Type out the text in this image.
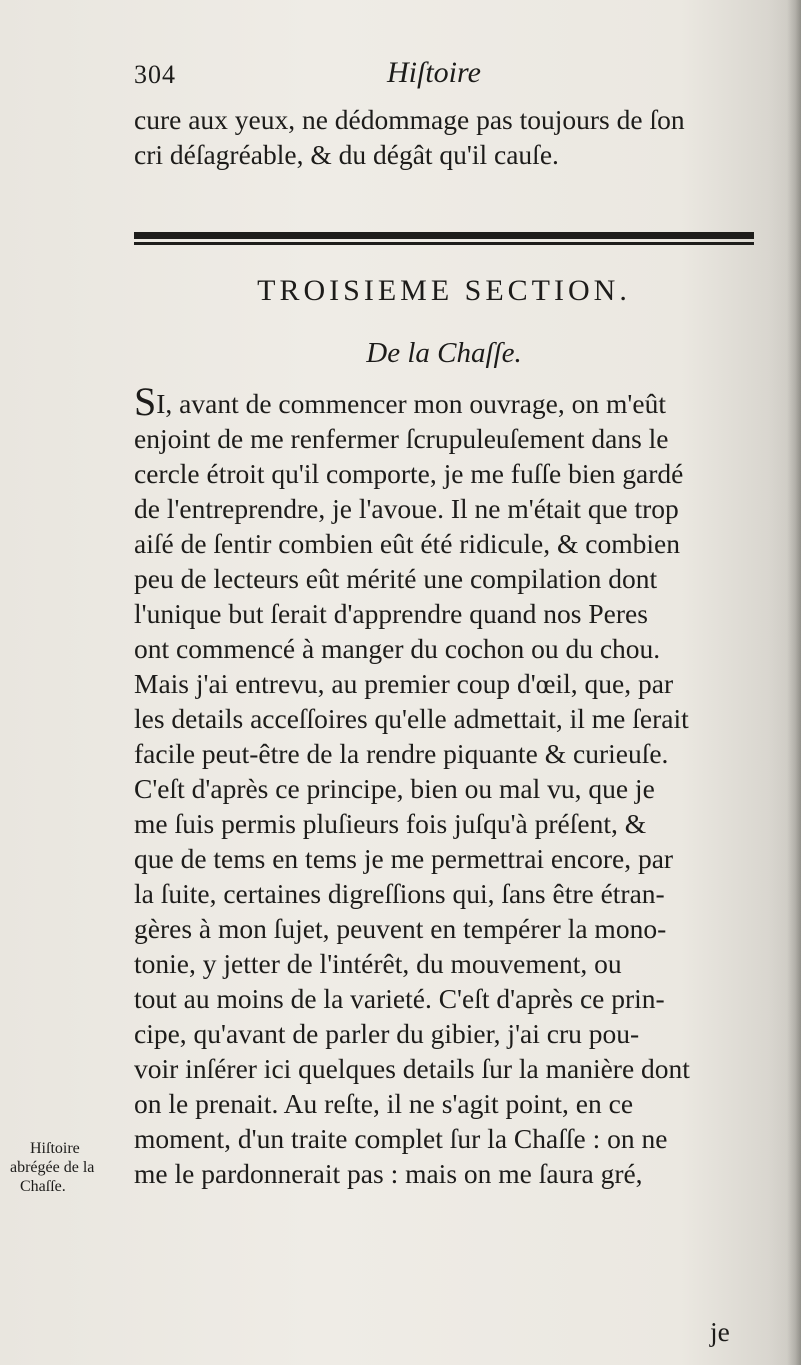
304	Hiſtoire
cure aux yeux, ne dédommage pas toujours de ſon
cri déſagréable, & du dégât qu'il cauſe.
TROISIEME SECTION.
De la Chaſſe.
SI, avant de commencer mon ouvrage, on m'eût
enjoint de me renfermer ſcrupuleuſement dans le
cercle étroit qu'il comporte, je me fuſſe bien gardé
de l'entreprendre, je l'avoue. Il ne m'était que trop
aiſé de ſentir combien eût été ridicule, & combien
peu de lecteurs eût mérité une compilation dont
l'unique but ſerait d'apprendre quand nos Peres
ont commencé à manger du cochon ou du chou.
Mais j'ai entrevu, au premier coup d'œil, que, par
les details acceſſoires qu'elle admettait, il me ſerait
facile peut-être de la rendre piquante & curieuſe.
C'eſt d'après ce principe, bien ou mal vu, que je
me ſuis permis pluſieurs fois juſqu'à préſent, &
que de tems en tems je me permettrai encore, par
la ſuite, certaines digreſſions qui, ſans être étran-
gères à mon ſujet, peuvent en tempérer la mono-
tonie, y jetter de l'intérêt, du mouvement, ou
tout au moins de la varieté. C'eſt d'après ce prin-
cipe, qu'avant de parler du gibier, j'ai cru pou-
voir inſérer ici quelques details ſur la manière dont
on le prenait. Au reſte, il ne s'agit point, en ce
moment, d'un traite complet ſur la Chaſſe : on ne
me le pardonnerait pas : mais on me ſaura gré,
Hiſtoire
abrégée de la
Chaſſe.
je
